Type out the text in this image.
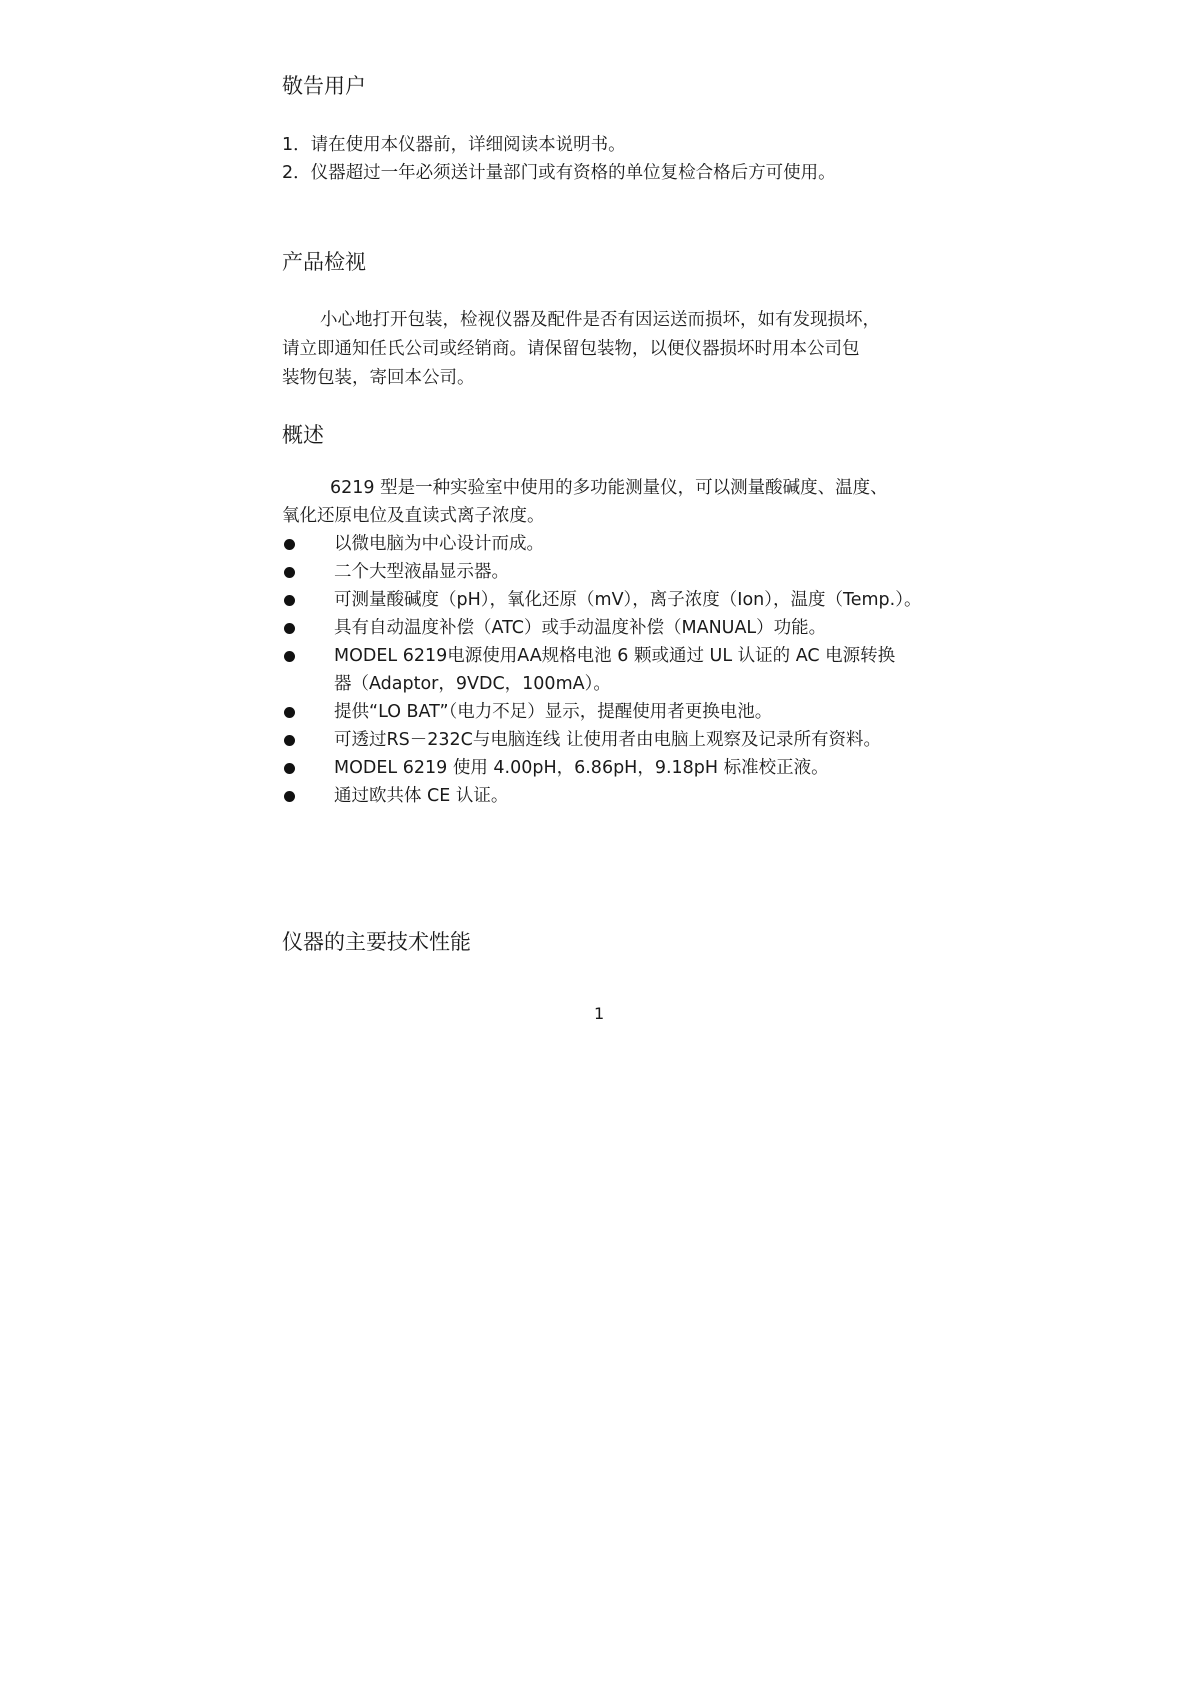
敬告用户
1．请在使用本仪器前，详细阅读本说明书。
2．仪器超过一年必须送计量部门或有资格的单位复检合格后方可使用。
产品检视
小心地打开包装，检视仪器及配件是否有因运送而损坏，如有发现损坏，
请立即通知任氏公司或经销商。请保留包装物，以便仪器损坏时用本公司包
装物包装，寄回本公司。
概述
6219 型是一种实验室中使用的多功能测量仪，可以测量酸碱度、温度、
氧化还原电位及直读式离子浓度。
以微电脑为中心设计而成。
二个大型液晶显示器。
可测量酸碱度（pH），氧化还原（mV），离子浓度（Ion），温度（Temp.）。
具有自动温度补偿（ATC）或手动温度补偿（MANUAL）功能。
MODEL 6219电源使用AA规格电池 6 颗或通过 UL 认证的 AC 电源转换
器（Adaptor，9VDC，100mA）。
提供“LO BAT”（电力不足）显示，提醒使用者更换电池。
可透过RS－232C与电脑连线 让使用者由电脑上观察及记录所有资料。
MODEL 6219 使用 4.00pH，6.86pH，9.18pH 标准校正液。
通过欧共体 CE 认证。
仪器的主要技术性能
1
